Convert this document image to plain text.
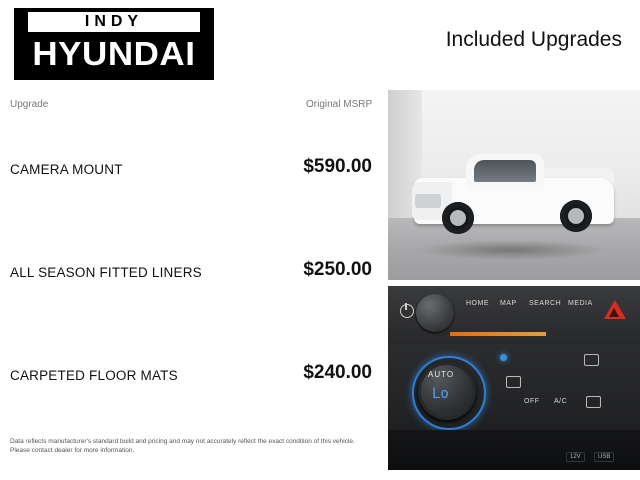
INDY
HYUNDAI	Included Upgrades
Upgrade	Original MSRP
CAMERA MOUNT	$590.00
ALL SEASON FITTED LINERS	$250.00
CARPETED FLOOR MATS	$240.00
Data reflects manufacturer's standard build and pricing and may not accurately reflect the exact condition of this vehicle.
Please contact dealer for more information.
HOME MAP SEARCH MEDIA
AUTO
Lo	OFF A/C
12V	USB
